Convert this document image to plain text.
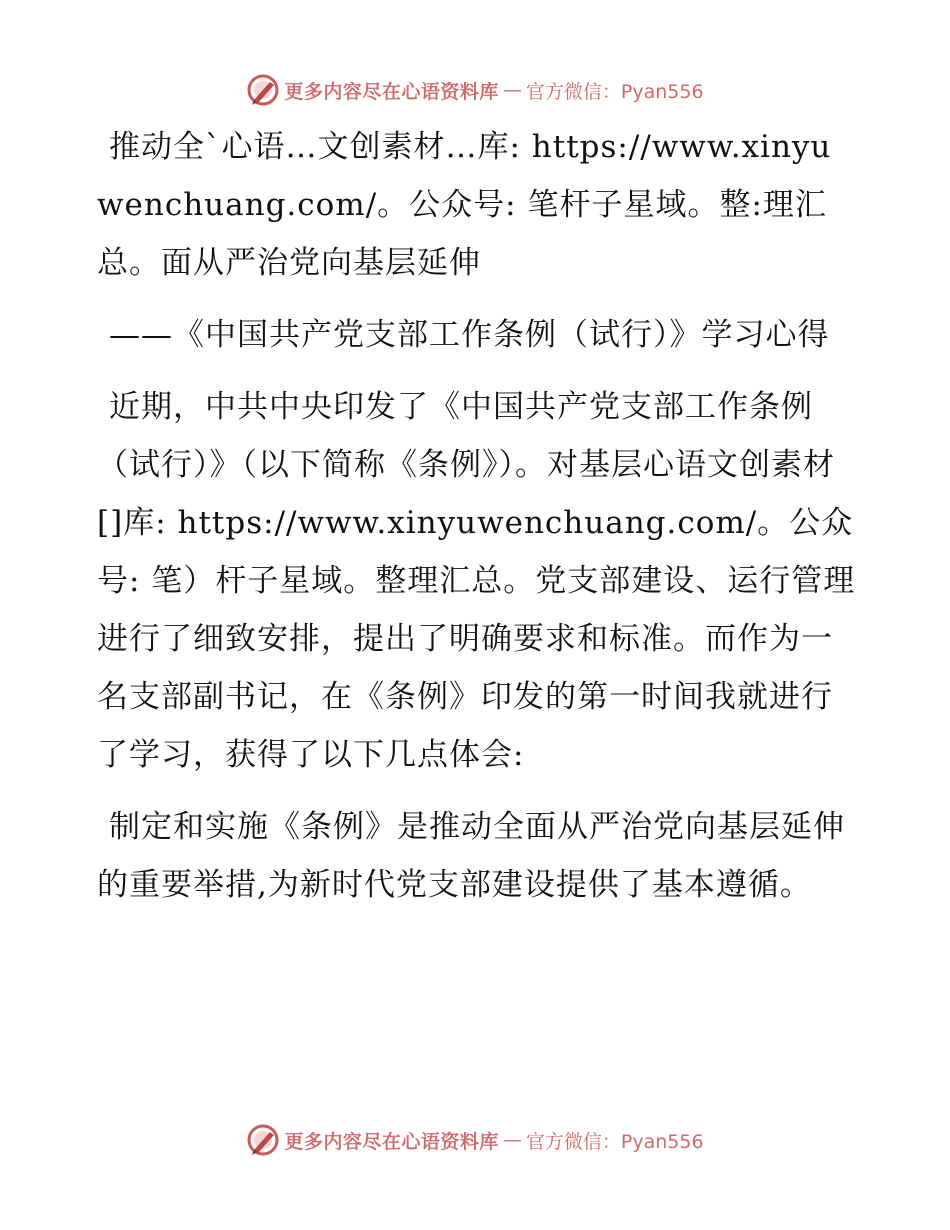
更多内容尽在心语资料库 — 官方微信：Pyan556

推动全`心语…文创素材…库: https://www.xinyuwenchuang.com/。公众号: 笔杆子星域。整:理汇总。面从严治党向基层延伸

——《中国共产党支部工作条例（试行）》学习心得

近期，中共中央印发了《中国共产党支部工作条例（试行）》（以下简称《条例》）。对基层心语文创素材[]库: https://www.xinyuwenchuang.com/。公众号: 笔）杆子星域。整理汇总。党支部建设、运行管理进行了细致安排，提出了明确要求和标准。而作为一名支部副书记，在《条例》印发的第一时间我就进行了学习，获得了以下几点体会:

制定和实施《条例》是推动全面从严治党向基层延伸的重要举措,为新时代党支部建设提供了基本遵循。

更多内容尽在心语资料库 — 官方微信：Pyan556
